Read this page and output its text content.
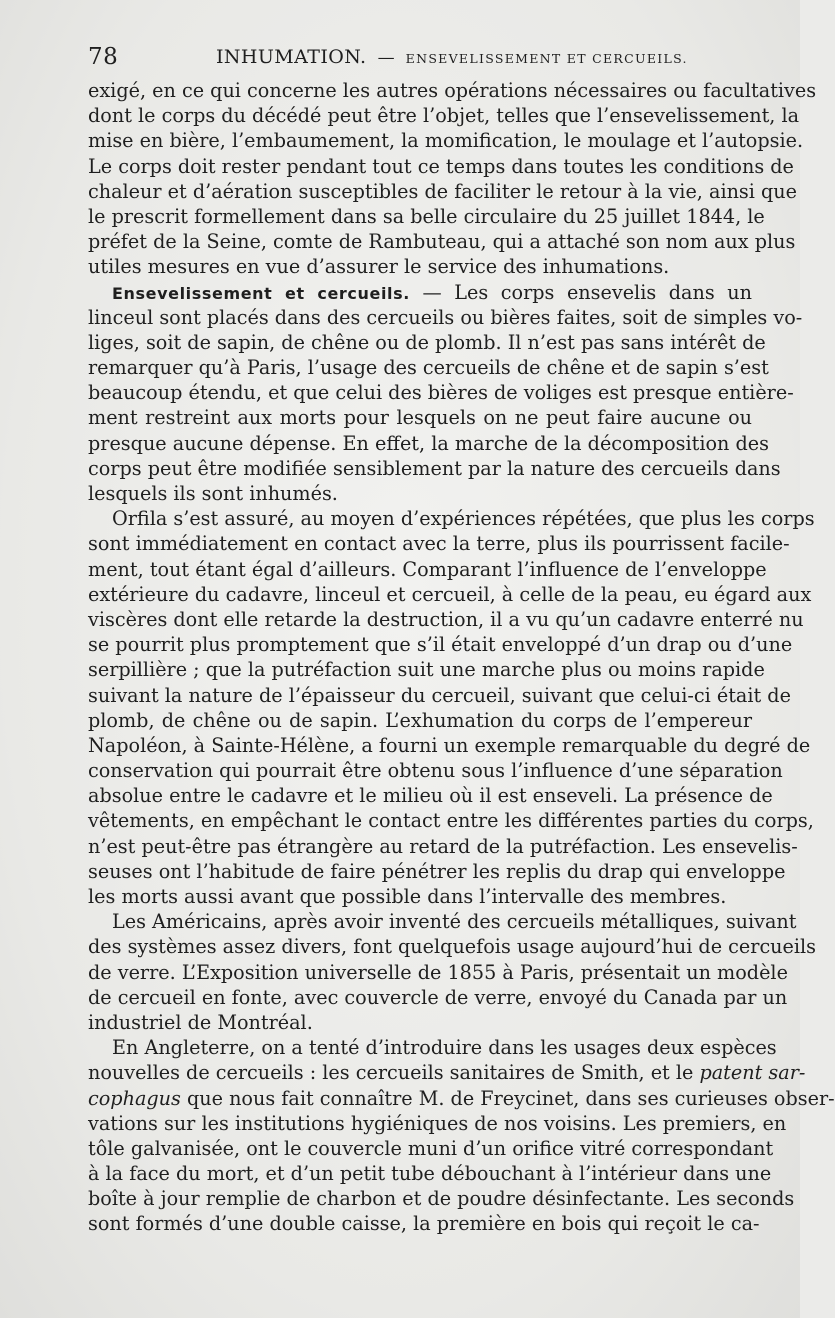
78	INHUMATION. — ENSEVELISSEMENT ET CERCUEILS.
exigé, en ce qui concerne les autres opérations nécessaires ou facultatives
dont le corps du décédé peut être l’objet, telles que l’ensevelissement, la
mise en bière, l’embaumement, la momification, le moulage et l’autopsie.
Le corps doit rester pendant tout ce temps dans toutes les conditions de
chaleur et d’aération susceptibles de faciliter le retour à la vie, ainsi que
le prescrit formellement dans sa belle circulaire du 25 juillet 1844, le
préfet de la Seine, comte de Rambuteau, qui a attaché son nom aux plus
utiles mesures en vue d’assurer le service des inhumations.
Ensevelissement et cercueils. — Les corps ensevelis dans un
linceul sont placés dans des cercueils ou bières faites, soit de simples vo-
liges, soit de sapin, de chêne ou de plomb. Il n’est pas sans intérêt de
remarquer qu’à Paris, l’usage des cercueils de chêne et de sapin s’est
beaucoup étendu, et que celui des bières de voliges est presque entière-
ment restreint aux morts pour lesquels on ne peut faire aucune ou
presque aucune dépense. En effet, la marche de la décomposition des
corps peut être modifiée sensiblement par la nature des cercueils dans
lesquels ils sont inhumés.
Orfila s’est assuré, au moyen d’expériences répétées, que plus les corps
sont immédiatement en contact avec la terre, plus ils pourrissent facile-
ment, tout étant égal d’ailleurs. Comparant l’influence de l’enveloppe
extérieure du cadavre, linceul et cercueil, à celle de la peau, eu égard aux
viscères dont elle retarde la destruction, il a vu qu’un cadavre enterré nu
se pourrit plus promptement que s’il était enveloppé d’un drap ou d’une
serpillière ; que la putréfaction suit une marche plus ou moins rapide
suivant la nature de l’épaisseur du cercueil, suivant que celui-ci était de
plomb, de chêne ou de sapin. L’exhumation du corps de l’empereur
Napoléon, à Sainte-Hélène, a fourni un exemple remarquable du degré de
conservation qui pourrait être obtenu sous l’influence d’une séparation
absolue entre le cadavre et le milieu où il est enseveli. La présence de
vêtements, en empêchant le contact entre les différentes parties du corps,
n’est peut-être pas étrangère au retard de la putréfaction. Les ensevelis-
seuses ont l’habitude de faire pénétrer les replis du drap qui enveloppe
les morts aussi avant que possible dans l’intervalle des membres.
Les Américains, après avoir inventé des cercueils métalliques, suivant
des systèmes assez divers, font quelquefois usage aujourd’hui de cercueils
de verre. L’Exposition universelle de 1855 à Paris, présentait un modèle
de cercueil en fonte, avec couvercle de verre, envoyé du Canada par un
industriel de Montréal.
En Angleterre, on a tenté d’introduire dans les usages deux espèces
nouvelles de cercueils : les cercueils sanitaires de Smith, et le patent sar-
cophagus que nous fait connaître M. de Freycinet, dans ses curieuses obser-
vations sur les institutions hygiéniques de nos voisins. Les premiers, en
tôle galvanisée, ont le couvercle muni d’un orifice vitré correspondant
à la face du mort, et d’un petit tube débouchant à l’intérieur dans une
boîte à jour remplie de charbon et de poudre désinfectante. Les seconds
sont formés d’une double caisse, la première en bois qui reçoit le ca-
